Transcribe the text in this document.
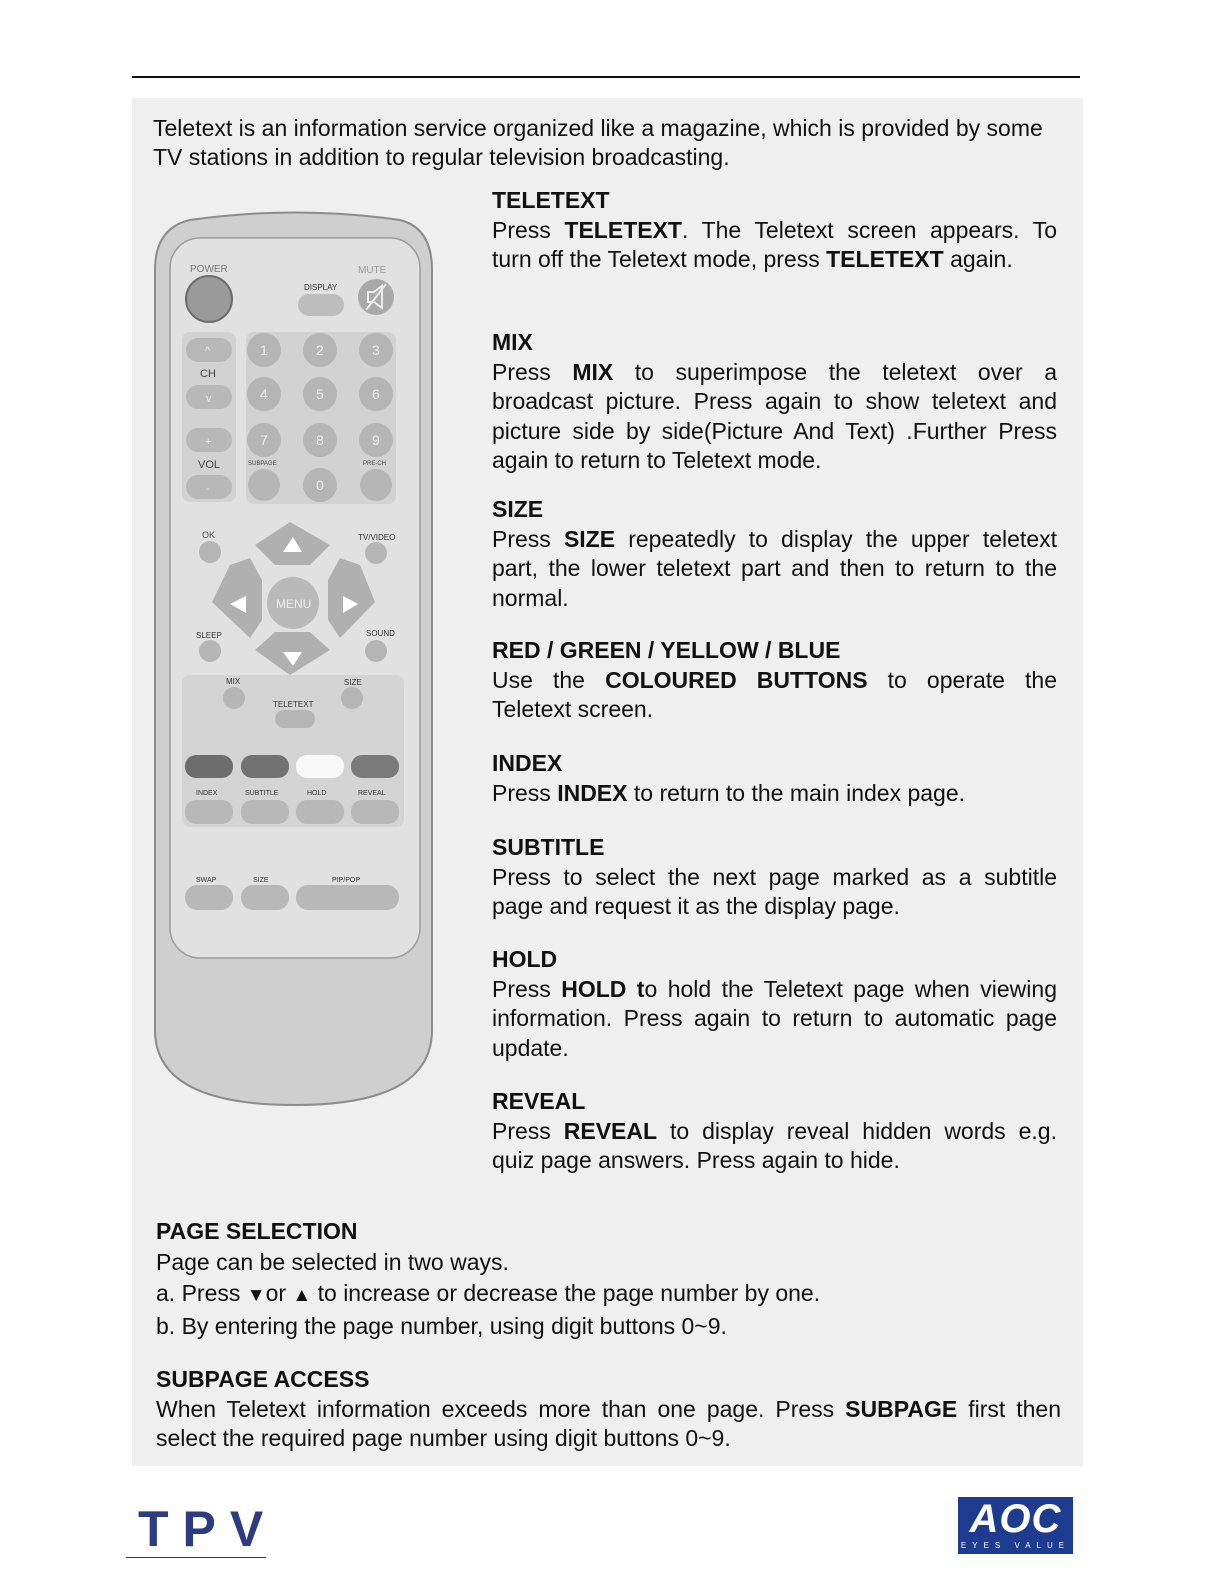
Teletext is an information service organized like a magazine, which is provided by some TV stations in addition to regular television broadcasting.
POWER
DISPLAY
MUTE
^
CH
v
+
VOL
-
1	2	3
4	5	6
7	8	9
0
SUBPAGE	PRE-CH
OK	TV/VIDEO
MENU
SLEEP	SOUND
MIX	SIZE
TELETEXT
INDEX	SUBTITLE	HOLD	REVEAL
SWAP	SIZE	PIP/POP
TELETEXT
Press TELETEXT. The Teletext screen appears. To turn off the Teletext mode, press TELETEXT again.
MIX
Press MIX to superimpose the teletext over a broadcast picture. Press again to show teletext and picture side by side(Picture And Text) .Further Press again to return to Teletext mode.
SIZE
Press SIZE repeatedly to display the upper teletext part, the lower teletext part and then to return to the normal.
RED / GREEN / YELLOW / BLUE
Use the COLOURED BUTTONS to operate the Teletext screen.
INDEX
Press INDEX to return to the main index page.
SUBTITLE
Press to select the next page marked as a subtitle page and request it as the display page.
HOLD
Press HOLD to hold the Teletext page when viewing information. Press again to return to automatic page update.
REVEAL
Press REVEAL to display reveal hidden words e.g. quiz page answers. Press again to hide.
PAGE SELECTION
Page can be selected in two ways.
a. Press ▼or ▲ to increase or decrease the page number by one.
b. By entering the page number, using digit buttons 0~9.
SUBPAGE ACCESS
When Teletext information exceeds more than one page. Press SUBPAGE first then select the required page number using digit buttons 0~9.
TPV	AOC
EYES VALUE
